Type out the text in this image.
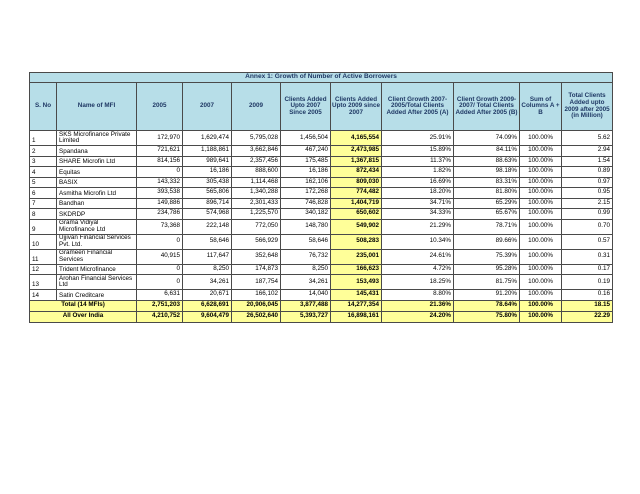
Annex 1: Growth of Number of Active Borrowers										
S. No	Name of MFI	2005	2007	2009	Clients Added Upto 2007 Since 2005	Clients Added Upto 2009 since 2007	Client Growth 2007-2005/Total Clients Added After 2005 (A)	Client Growth 2009-2007/ Total Clients Added After 2005 (B)	Sum of Columns A + B	Total Clients Added upto 2009 after 2005 (in Million)
1	SKS Microfinance Private Limited	172,970	1,629,474	5,795,028	1,456,504	4,165,554	25.91%	74.09%	100.00%	5.62
2	Spandana	721,621	1,188,861	3,662,846	467,240	2,473,985	15.89%	84.11%	100.00%	2.94
3	SHARE Microfin Ltd	814,156	989,641	2,357,456	175,485	1,367,815	11.37%	88.63%	100.00%	1.54
4	Equitas	0	16,186	888,600	16,186	872,434	1.82%	98.18%	100.00%	0.89
5	BASIX	143,332	305,438	1,114,468	162,106	809,030	16.69%	83.31%	100.00%	0.97
6	Asmitha Microfin Ltd	393,538	565,806	1,340,288	172,268	774,482	18.20%	81.80%	100.00%	0.95
7	Bandhan	149,886	896,714	2,301,433	746,828	1,404,719	34.71%	65.29%	100.00%	2.15
8	SKDRDP	234,786	574,968	1,225,570	340,182	650,602	34.33%	65.67%	100.00%	0.99
9	Grama Vidiyal Microfinance Ltd	73,368	222,148	772,050	148,780	549,902	21.29%	78.71%	100.00%	0.70
10	Ujjivan Financial Services Pvt. Ltd.	0	58,646	566,929	58,646	508,283	10.34%	89.66%	100.00%	0.57
11	Grameen Financial Services	40,915	117,647	352,648	76,732	235,001	24.61%	75.39%	100.00%	0.31
12	Trident Microfinance	0	8,250	174,873	8,250	166,623	4.72%	95.28%	100.00%	0.17
13	Arohan Financial Services Ltd	0	34,261	187,754	34,261	153,493	18.25%	81.75%	100.00%	0.19
14	Satin Creditcare	6,631	20,671	166,102	14,040	145,431	8.80%	91.20%	100.00%	0.16
Total (14 MFIs)		2,751,203	6,628,691	20,906,045	3,877,488	14,277,354	21.36%	78.64%	100.00%	18.15
All Over India		4,210,752	9,604,479	26,502,640	5,393,727	16,898,161	24.20%	75.80%	100.00%	22.29
